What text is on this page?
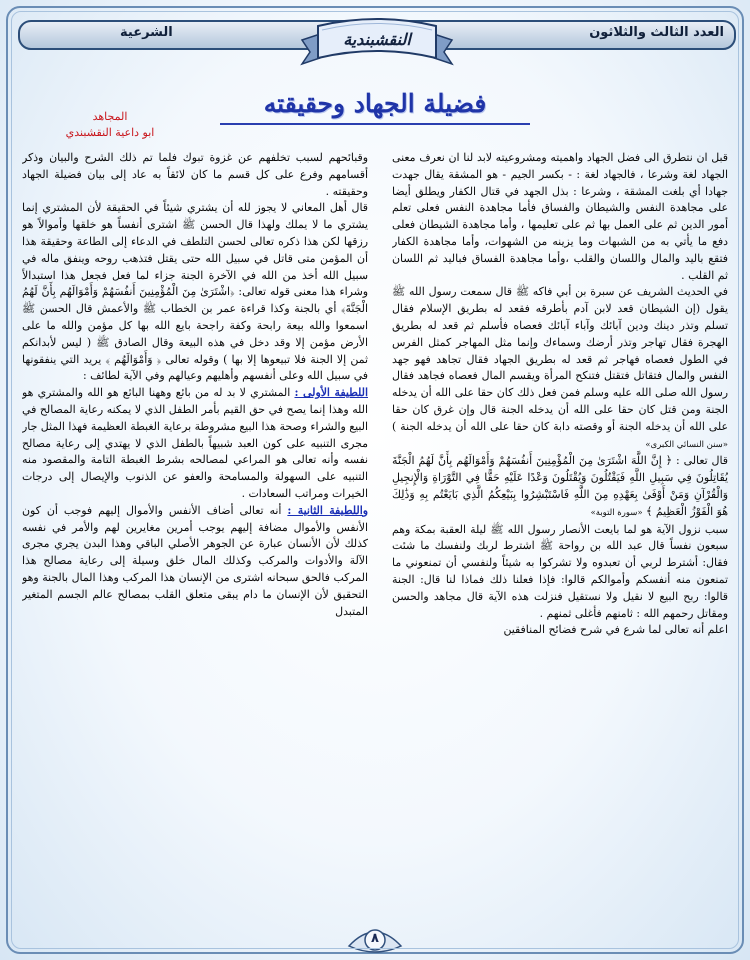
العدد الثالث والثلاثون
الشرعية	النقشبندية
فضيلة الجهاد وحقيقته
المجاهد
ابو داعية النقشبندي

قبل ان نتطرق الى فضل الجهاد واهميته ومشروعيته لابد لنا ان نعرف معنى الجهاد لغة وشرعا ، فالجهاد لغة : - بكسر الجيم - هو المشقة يقال جهدت جهادا أي بلغت المشقة ، وشرعا : بذل الجهد في قتال الكفار ويطلق أيضا على مجاهدة النفس والشيطان والفساق فأما مجاهدة النفس فعلى تعلم أمور الدين ثم على العمل بها ثم على تعليمها ، وأما مجاهدة الشيطان فعلى دفع ما يأتي به من الشبهات وما يزينه من الشهوات، وأما مجاهدة الكفار فتقع باليد والمال واللسان والقلب ،وأما مجاهدة الفساق فباليد ثم اللسان ثم القلب .

في الحديث الشريف عن سبرة بن أبي فاكه ﷺ قال سمعت رسول الله ﷺ يقول (إن الشيطان قعد لابن آدم بأطرقه فقعد له بطريق الإسلام فقال تسلم وتذر دينك ودين آبائك وآباء آبائك فعصاه فأسلم ثم قعد له بطريق الهجرة فقال تهاجر وتذر أرضك وسماءك وإنما مثل المهاجر كمثل الفرس في الطول فعصاه فهاجر ثم قعد له بطريق الجهاد فقال تجاهد فهو جهد النفس والمال فتقاتل فتقتل فتنكح المرأة ويقسم المال فعصاه فجاهد فقال رسول الله صلى الله عليه وسلم فمن فعل ذلك كان حقا على الله أن يدخله الجنة ومن قتل كان حقا على الله أن يدخله الجنة قال وإن غرق كان حقا على الله أن يدخله الجنة أو وقصته دابة كان حقا على الله أن يدخله الجنة ) «سنن النسائي الكبرى»

قال تعالى : ﴿ إِنَّ اللَّهَ اشْتَرَىٰ مِنَ الْمُؤْمِنِينَ أَنفُسَهُمْ وَأَمْوَالَهُم بِأَنَّ لَهُمُ الْجَنَّةَ يُقَاتِلُونَ فِي سَبِيلِ اللَّهِ فَيَقْتُلُونَ وَيُقْتَلُونَ وَعْدًا عَلَيْهِ حَقًّا فِي التَّوْرَاةِ وَالْإِنجِيلِ وَالْقُرْآنِ وَمَنْ أَوْفَىٰ بِعَهْدِهِ مِنَ اللَّهِ فَاسْتَبْشِرُوا بِبَيْعِكُمُ الَّذِي بَايَعْتُم بِهِ وَذَٰلِكَ هُوَ الْفَوْزُ الْعَظِيمُ ﴾ «سورة التوبة»

سبب نزول الآية هو لما بايعت الأنصار رسول الله ﷺ ليلة العقبة بمكة وهم سبعون نفساً قال عبد الله بن رواحة ﷺ اشترط لربك ولنفسك ما شئت فقال: أشترط لربي أن تعبدوه ولا تشركوا به شيئاً ولنفسي أن تمنعوني ما تمنعون منه أنفسكم وأموالكم قالوا: فإذا فعلنا ذلك فماذا لنا قال: الجنة قالوا: ربح البيع لا نقيل ولا نستقيل فنزلت هذه الآية قال مجاهد والحسن ومقاتل رحمهم الله : ثامنهم فأغلى ثمنهم .

اعلم أنه تعالى لما شرع في شرح فضائح المنافقين

وقبائحهم لسبب تخلفهم عن غزوة تبوك فلما تم ذلك الشرح والبيان وذكر أقسامهم وفرع على كل قسم ما كان لائقاً به عاد إلى بيان فضيلة الجهاد وحقيقته .

قال أهل المعاني لا يجوز لله أن يشتري شيئاً في الحقيقة لأن المشتري إنما يشتري ما لا يملك ولهذا قال الحسن ﷺ اشترى أنفساً هو خلقها وأموالاً هو رزقها لكن هذا ذكره تعالى لحسن التلطف في الدعاء إلى الطاعة وحقيقة هذا أن المؤمن متى قاتل في سبيل الله حتى يقتل فتذهب روحه وينفق ماله في سبيل الله أخذ من الله في الآخرة الجنة جزاء لما فعل فجعل هذا استبدالاً وشراء هذا معنى قوله تعالى: ﴿اشْتَرَىٰ مِنَ الْمُؤْمِنِينَ أَنفُسَهُمْ وَأَمْوَالَهُم بِأَنَّ لَهُمُ الْجَنَّةَ﴾ أي بالجنة وكذا قراءة عمر بن الخطاب ﷺ والأعمش قال الحسن ﷺ اسمعوا والله بيعة رابحة وكفة راجحة بايع الله بها كل مؤمن والله ما على الأرض مؤمن إلا وقد دخل في هذه البيعة وقال الصادق ﷺ ( ليس لأبدانكم ثمن إلا الجنة فلا تبيعوها إلا بها ) وقوله تعالى ﴿ وَأَمْوَالَهُم ﴾ يريد التي ينفقونها في سبيل الله وعلى أنفسهم وأهليهم وعيالهم وفي الآية لطائف :

اللطيفة الأولى : المشتري لا بد له من بائع وههنا البائع هو الله والمشتري هو الله وهذا إنما يصح في حق القيم بأمر الطفل الذي لا يمكنه رعاية المصالح في البيع والشراء وصحة هذا البيع مشروطة برعاية الغبطة العظيمة فهذا المثل جار مجرى التنبيه على كون العبد شبيهاً بالطفل الذي لا يهتدي إلى رعاية مصالح نفسه وأنه تعالى هو المراعي لمصالحه بشرط الغبطة التامة والمقصود منه التنبيه على السهولة والمسامحة والعفو عن الذنوب والإيصال إلى درجات الخيرات ومراتب السعادات .

واللطيفة الثانية : أنه تعالى أضاف الأنفس والأموال إليهم فوجب أن كون الأنفس والأموال مضافة إليهم يوجب أمرين مغايرين لهم والأمر في نفسه كذلك لأن الأنسان عبارة عن الجوهر الأصلي الباقي وهذا البدن يجري مجرى الآلة والأدوات والمركب وكذلك المال خلق وسيلة إلى رعاية مصالح هذا المركب فالحق سبحانه اشترى من الإنسان هذا المركب وهذا المال بالجنة وهو التحقيق لأن الإنسان ما دام يبقى متعلق القلب بمصالح عالم الجسم المتغير المتبدل

٨
